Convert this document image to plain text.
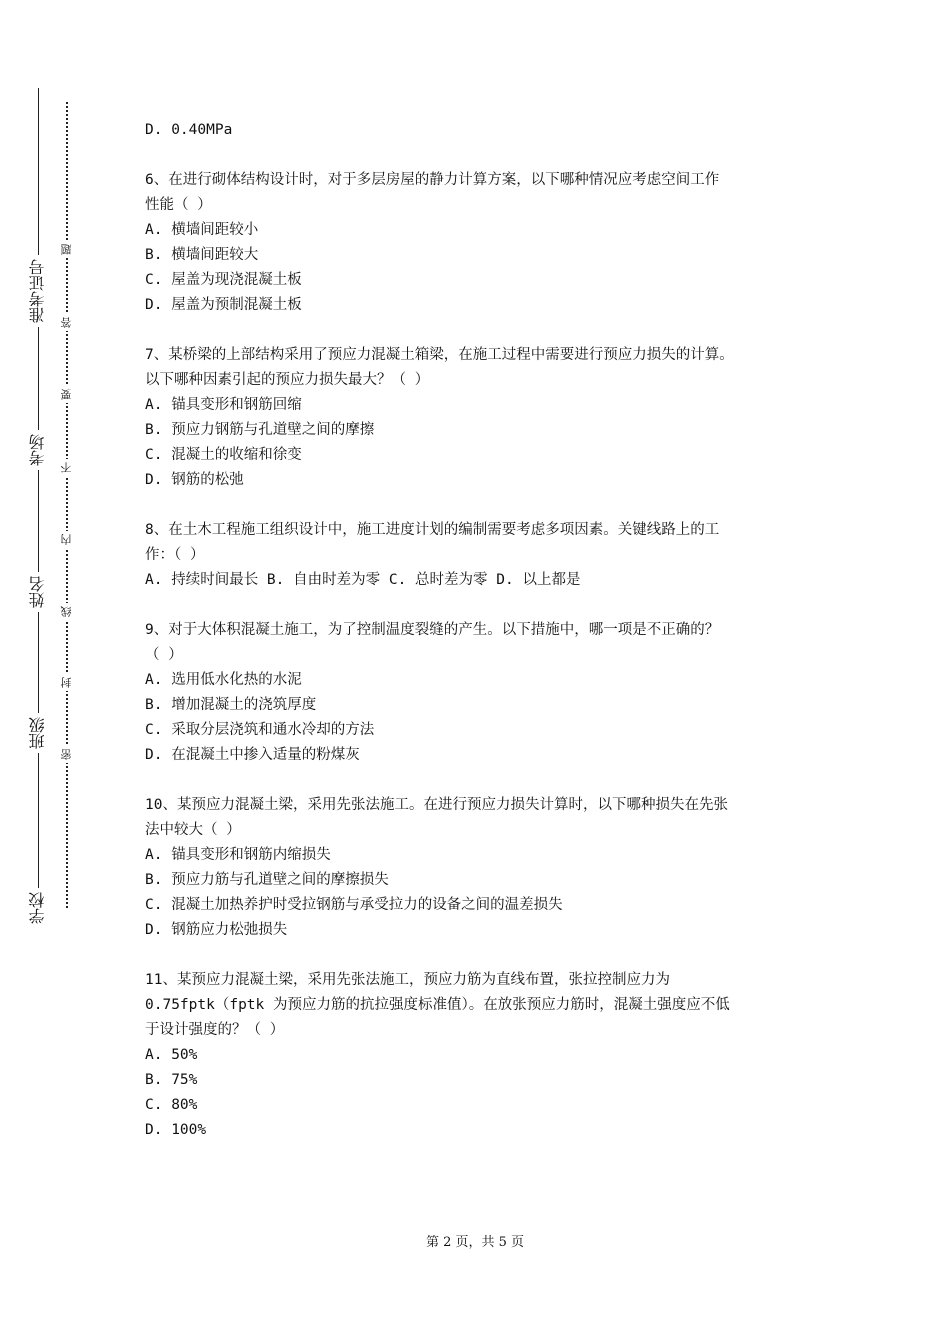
准考证号
考场
姓名
班级
学校
题
答
要
不
内
线
封
密

D. 0.40MPa

6、在进行砌体结构设计时，对于多层房屋的静力计算方案，以下哪种情况应考虑空间工作

性能（ ）

A. 横墙间距较小

B. 横墙间距较大

C. 屋盖为现浇混凝土板

D. 屋盖为预制混凝土板

7、某桥梁的上部结构采用了预应力混凝土箱梁，在施工过程中需要进行预应力损失的计算。

以下哪种因素引起的预应力损失最大？（ ）

A. 锚具变形和钢筋回缩

B. 预应力钢筋与孔道壁之间的摩擦

C. 混凝土的收缩和徐变

D. 钢筋的松弛

8、在土木工程施工组织设计中，施工进度计划的编制需要考虑多项因素。关键线路上的工

作：（ ）

A. 持续时间最长 B. 自由时差为零 C. 总时差为零 D. 以上都是

9、对于大体积混凝土施工，为了控制温度裂缝的产生。以下措施中，哪一项是不正确的？

（ ）

A. 选用低水化热的水泥

B. 增加混凝土的浇筑厚度

C. 采取分层浇筑和通水冷却的方法

D. 在混凝土中掺入适量的粉煤灰

10、某预应力混凝土梁，采用先张法施工。在进行预应力损失计算时，以下哪种损失在先张

法中较大（ ）

A. 锚具变形和钢筋内缩损失

B. 预应力筋与孔道壁之间的摩擦损失

C. 混凝土加热养护时受拉钢筋与承受拉力的设备之间的温差损失

D. 钢筋应力松弛损失

11、某预应力混凝土梁，采用先张法施工，预应力筋为直线布置，张拉控制应力为

0.75fptk（fptk 为预应力筋的抗拉强度标准值）。在放张预应力筋时，混凝土强度应不低

于设计强度的？（ ）

A. 50%

B. 75%

C. 80%

D. 100%

第 2 页，共 5 页
